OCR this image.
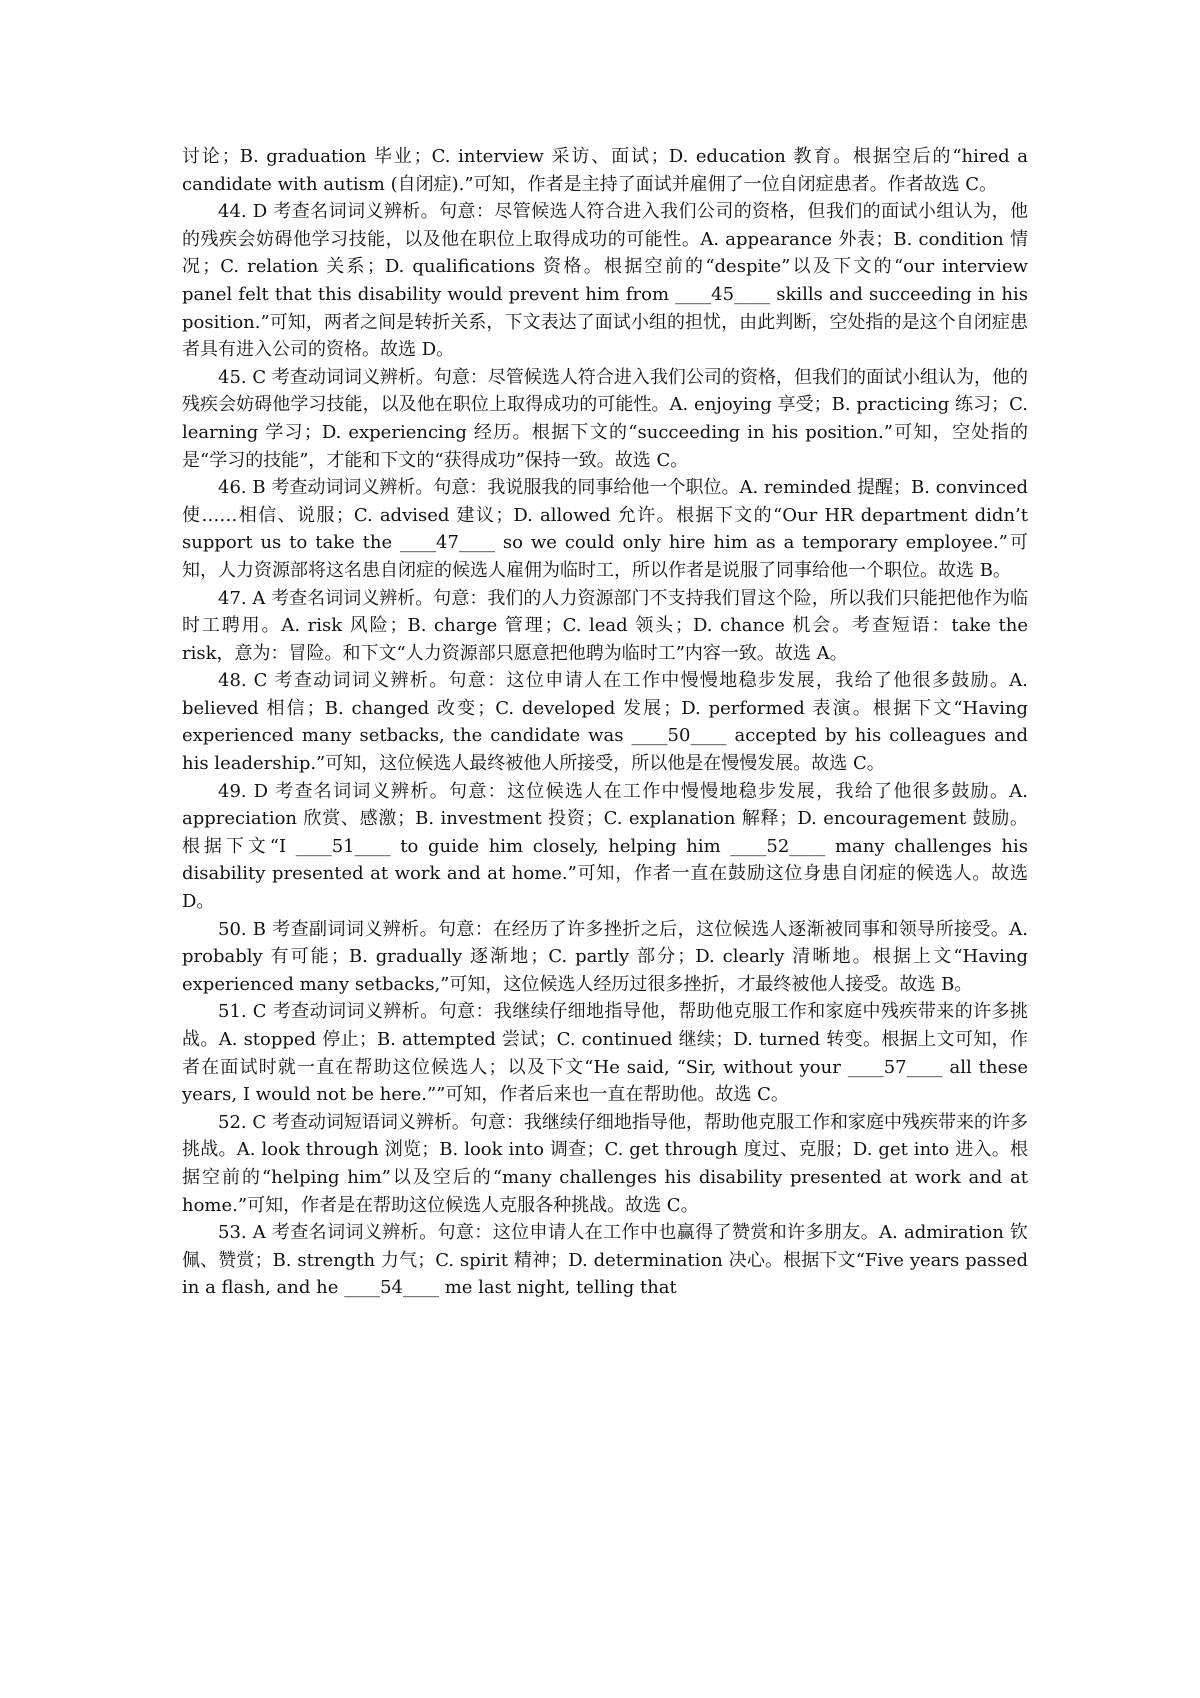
讨论；B. graduation 毕业；C. interview 采访、面试；D. education 教育。根据空后的“hired a candidate with autism (自闭症).”可知，作者是主持了面试并雇佣了一位自闭症患者。作者故选 C。

44. D 考查名词词义辨析。句意：尽管候选人符合进入我们公司的资格，但我们的面试小组认为，他的残疾会妨碍他学习技能，以及他在职位上取得成功的可能性。A. appearance 外表；B. condition 情况；C. relation 关系；D. qualifications 资格。根据空前的“despite”以及下文的“our interview panel felt that this disability would prevent him from ____45____ skills and succeeding in his position.”可知，两者之间是转折关系，下文表达了面试小组的担忧，由此判断，空处指的是这个自闭症患者具有进入公司的资格。故选 D。

45. C 考查动词词义辨析。句意：尽管候选人符合进入我们公司的资格，但我们的面试小组认为，他的残疾会妨碍他学习技能，以及他在职位上取得成功的可能性。A. enjoying 享受；B. practicing 练习；C. learning 学习；D. experiencing 经历。根据下文的“succeeding in his position.”可知，空处指的是“学习的技能”，才能和下文的“获得成功”保持一致。故选 C。

46. B 考查动词词义辨析。句意：我说服我的同事给他一个职位。A. reminded 提醒；B. convinced 使……相信、说服；C. advised 建议；D. allowed 允许。根据下文的“Our HR department didn’t support us to take the ____47____ so we could only hire him as a temporary employee.”可知，人力资源部将这名患自闭症的候选人雇佣为临时工，所以作者是说服了同事给他一个职位。故选 B。

47. A 考查名词词义辨析。句意：我们的人力资源部门不支持我们冒这个险，所以我们只能把他作为临时工聘用。A. risk 风险；B. charge 管理；C. lead 领头；D. chance 机会。考查短语：take the risk，意为：冒险。和下文“人力资源部只愿意把他聘为临时工”内容一致。故选 A。

48. C 考查动词词义辨析。句意：这位申请人在工作中慢慢地稳步发展，我给了他很多鼓励。A. believed 相信；B. changed 改变；C. developed 发展；D. performed 表演。根据下文“Having experienced many setbacks, the candidate was ____50____ accepted by his colleagues and his leadership.”可知，这位候选人最终被他人所接受，所以他是在慢慢发展。故选 C。

49. D 考查名词词义辨析。句意：这位候选人在工作中慢慢地稳步发展，我给了他很多鼓励。A. appreciation 欣赏、感激；B. investment 投资；C. explanation 解释；D. encouragement 鼓励。根据下文“I ____51____ to guide him closely, helping him ____52____ many challenges his disability presented at work and at home.”可知，作者一直在鼓励这位身患自闭症的候选人。故选 D。

50. B 考查副词词义辨析。句意：在经历了许多挫折之后，这位候选人逐渐被同事和领导所接受。A. probably 有可能；B. gradually 逐渐地；C. partly 部分；D. clearly 清晰地。根据上文“Having experienced many setbacks,”可知，这位候选人经历过很多挫折，才最终被他人接受。故选 B。

51. C 考查动词词义辨析。句意：我继续仔细地指导他，帮助他克服工作和家庭中残疾带来的许多挑战。A. stopped 停止；B. attempted 尝试；C. continued 继续；D. turned 转变。根据上文可知，作者在面试时就一直在帮助这位候选人；以及下文“He said, “Sir, without your ____57____ all these years, I would not be here.””可知，作者后来也一直在帮助他。故选 C。

52. C 考查动词短语词义辨析。句意：我继续仔细地指导他，帮助他克服工作和家庭中残疾带来的许多挑战。A. look through 浏览；B. look into 调查；C. get through 度过、克服；D. get into 进入。根据空前的“helping him”以及空后的“many challenges his disability presented at work and at home.”可知，作者是在帮助这位候选人克服各种挑战。故选 C。

53. A 考查名词词义辨析。句意：这位申请人在工作中也赢得了赞赏和许多朋友。A. admiration 钦佩、赞赏；B. strength 力气；C. spirit 精神；D. determination 决心。根据下文“Five years passed in a flash, and he ____54____ me last night, telling that
